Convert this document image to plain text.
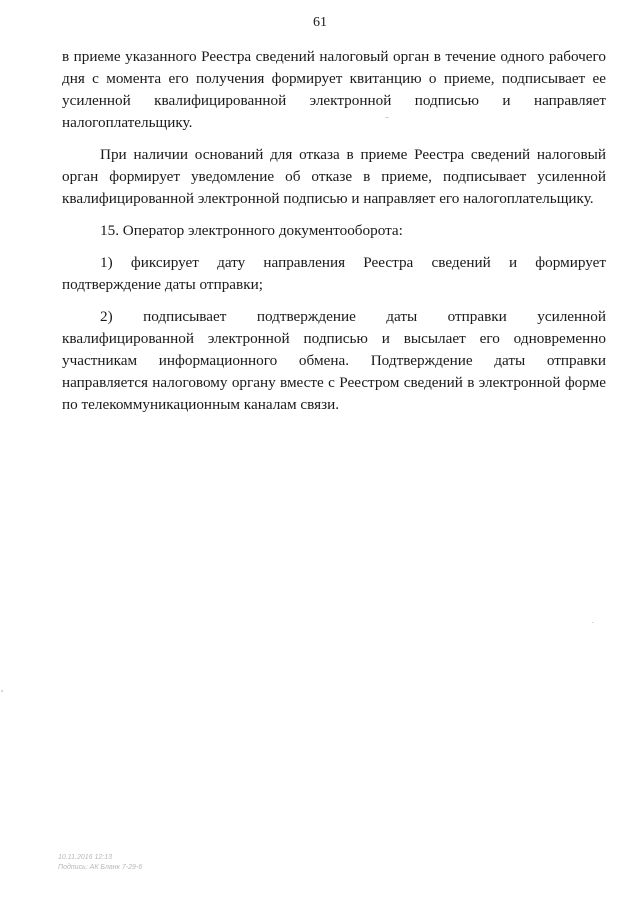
61

в приеме указанного Реестра сведений налоговый орган в течение одного рабочего дня с момента его получения формирует квитанцию о приеме, подписывает ее усиленной квалифицированной электронной подписью и направляет налогоплательщику.

При наличии оснований для отказа в приеме Реестра сведений налоговый орган формирует уведомление об отказе в приеме, подписывает усиленной квалифицированной электронной подписью и направляет его налогоплательщику.

15. Оператор электронного документооборота:

1) фиксирует дату направления Реестра сведений и формирует подтверждение даты отправки;

2) подписывает подтверждение даты отправки усиленной квалифицированной электронной подписью и высылает его одновременно участникам информационного обмена. Подтверждение даты отправки направляется налоговому органу вместе с Реестром сведений в электронной форме по телекоммуникационным каналам связи.

10.11.2016 12:13
Подпись: АК Бланк 7-29-6
